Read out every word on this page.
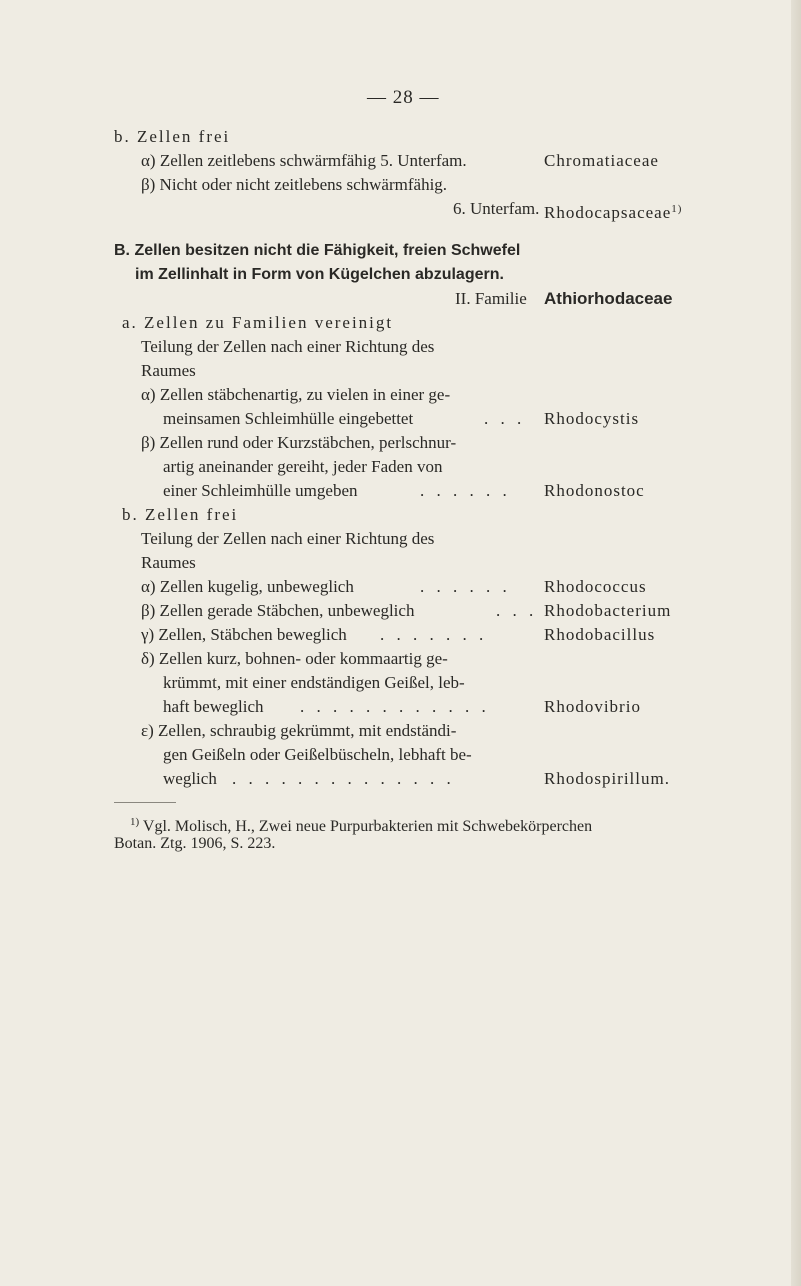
— 28 —
b. Zellen frei
α) Zellen zeitlebens schwärmfähig 5. Unterfam.	Chromatiaceae
β) Nicht oder nicht zeitlebens schwärmfähig.
6. Unterfam. Rhodocapsaceae$^{1)}$
B. Zellen besitzen nicht die Fähigkeit, freien Schwefel
im Zellinhalt in Form von Kügelchen abzulagern.
II. Familie Athiorhodaceae
a. Zellen zu Familien vereinigt
Teilung der Zellen nach einer Richtung des
Raumes
α) Zellen stäbchenartig, zu vielen in einer ge-
meinsamen Schleimhülle eingebettet	. . . Rhodocystis
β) Zellen rund oder Kurzstäbchen, perlschnur-
artig aneinander gereiht, jeder Faden von
einer Schleimhülle umgeben	. . . . . . Rhodonostoc
b. Zellen frei
Teilung der Zellen nach einer Richtung des
Raumes
α) Zellen kugelig, unbeweglich	. . . . . . Rhodococcus
β) Zellen gerade Stäbchen, unbeweglich	. . . Rhodobacterium
γ) Zellen, Stäbchen beweglich . . . . . . .	Rhodobacillus
δ) Zellen kurz, bohnen- oder kommaartig ge-
krümmt, mit einer endständigen Geißel, leb-
haft beweglich . . . . . . . . . . . .	Rhodovibrio
ε) Zellen, schraubig gekrümmt, mit endständi-
gen Geißeln oder Geißelbüscheln, lebhaft be-
weglich . . . . . . . . . . . . . .	Rhodospirillum.
$^{1)}$ Vgl. Molisch, H., Zwei neue Purpurbakterien mit Schwebekörperchen
Botan. Ztg. 1906, S. 223.
